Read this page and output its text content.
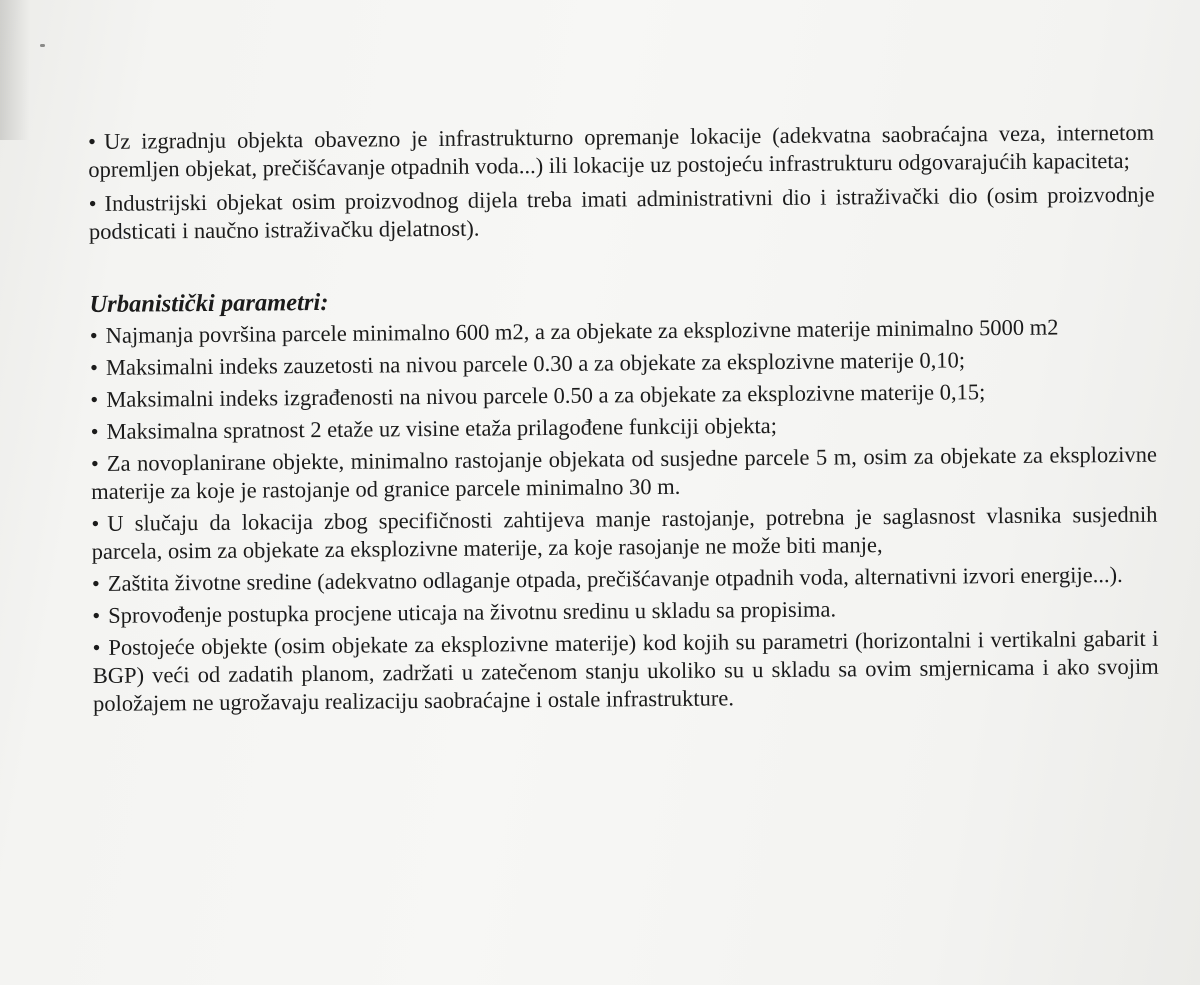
•Uz izgradnju objekta obavezno je infrastrukturno opremanje lokacije (adekvatna saobraćajna veza, internetom opremljen objekat, prečišćavanje otpadnih voda...) ili lokacije uz postojeću infrastrukturu odgovarajućih kapaciteta;

•Industrijski objekat osim proizvodnog dijela treba imati administrativni dio i istraživački dio (osim proizvodnje podsticati i naučno istraživačku djelatnost).

Urbanistički parametri:
•Najmanja površina parcele minimalno 600 m2, a za objekate za eksplozivne materije minimalno 5000 m2
•Maksimalni indeks zauzetosti na nivou parcele 0.30 a za objekate za eksplozivne materije 0,10;
•Maksimalni indeks izgrađenosti na nivou parcele 0.50 a za objekate za eksplozivne materije 0,15;
•Maksimalna spratnost 2 etaže uz visine etaža prilagođene funkciji objekta;
•Za novoplanirane objekte, minimalno rastojanje objekata od susjedne parcele 5 m, osim za objekate za eksplozivne materije za koje je rastojanje od granice parcele minimalno 30 m.
•U slučaju da lokacija zbog specifičnosti zahtijeva manje rastojanje, potrebna je saglasnost vlasnika susjednih parcela, osim za objekate za eksplozivne materije, za koje rasojanje ne može biti manje,
•Zaštita životne sredine (adekvatno odlaganje otpada, prečišćavanje otpadnih voda, alternativni izvori energije...).
•Sprovođenje postupka procjene uticaja na životnu sredinu u skladu sa propisima.
•Postojeće objekte (osim objekate za eksplozivne materije) kod kojih su parametri (horizontalni i vertikalni gabarit i BGP) veći od zadatih planom, zadržati u zatečenom stanju ukoliko su u skladu sa ovim smjernicama i ako svojim položajem ne ugrožavaju realizaciju saobraćajne i ostale infrastrukture.
